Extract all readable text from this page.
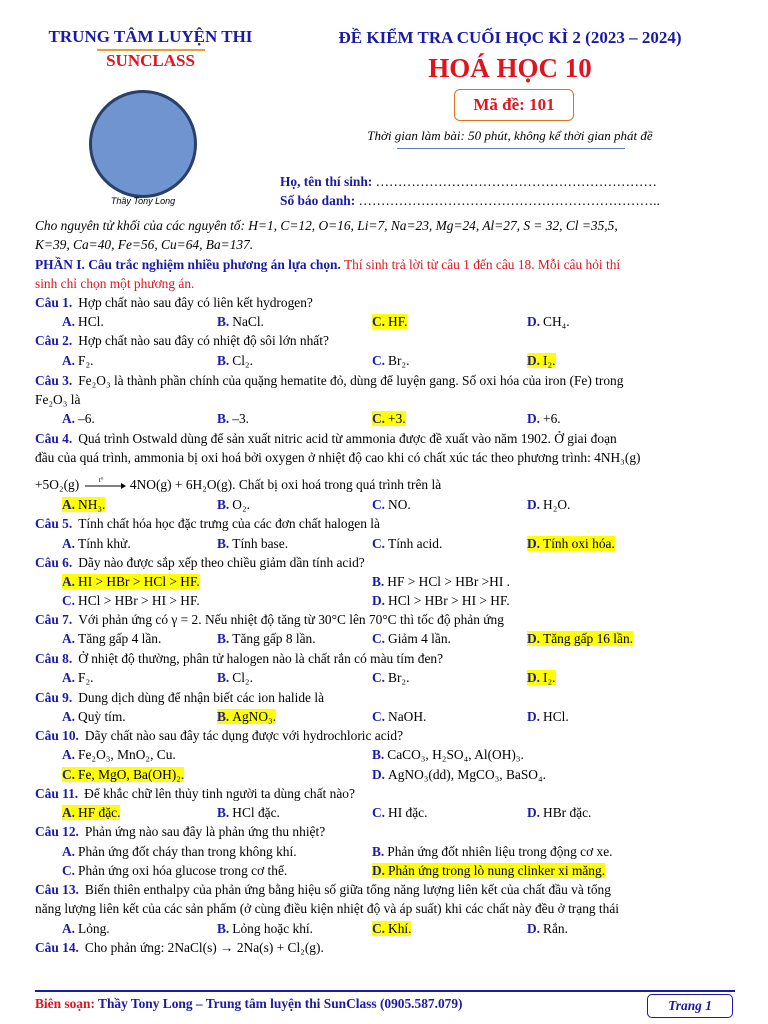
TRUNG TÂM LUYỆN THI
SUNCLASS
Thầy Tony Long
ĐỀ KIỂM TRA CUỐI HỌC KÌ 2 (2023 – 2024)
HOÁ HỌC 10
Mã đề: 101
Thời gian làm bài: 50 phút, không kể thời gian phát đề
Họ, tên thí sinh: ………………………………………………………
Số báo danh: …………………………………………………………..
Cho nguyên tử khối của các nguyên tố: H=1, C=12, O=16, Li=7, Na=23, Mg=24, Al=27, S = 32, Cl =35,5,
K=39, Ca=40, Fe=56, Cu=64, Ba=137.
PHẦN I. Câu trắc nghiệm nhiều phương án lựa chọn. Thí sinh trả lời từ câu 1 đến câu 18. Mỗi câu hỏi thí
sinh chỉ chọn một phương án.
Câu 1. Hợp chất nào sau đây có liên kết hydrogen?
A. HCl.	B. NaCl.	C. HF.	D. CH₄.
Câu 2. Hợp chất nào sau đây có nhiệt độ sôi lớn nhất?
A. F₂.	B. Cl₂.	C. Br₂.	D. I₂.
Câu 3. Fe₂O₃ là thành phần chính của quặng hematite đỏ, dùng để luyện gang. Số oxi hóa của iron (Fe) trong
Fe₂O₃ là
A. –6.	B. –3.	C. +3.	D. +6.
Câu 4. Quá trình Ostwald dùng để sản xuất nitric acid từ ammonia được đề xuất vào năm 1902. Ở giai đoạn
đầu của quá trình, ammonia bị oxi hoá bởi oxygen ở nhiệt độ cao khi có chất xúc tác theo phương trình: 4NH₃(g)
+5O₂(g)	t° 4NO(g) + 6H₂O(g). Chất bị oxi hoá trong quá trình trên là
A. NH₃.	B. O₂.	C. NO.	D. H₂O.
Câu 5. Tính chất hóa học đặc trưng của các đơn chất halogen là
A. Tính khử.	B. Tính base.	C. Tính acid.	D. Tính oxi hóa.
Câu 6. Dãy nào được sắp xếp theo chiều giảm dần tính acid?
A. HI > HBr > HCl > HF.	B. HF > HCl > HBr >HI .
C. HCl > HBr > HI > HF.	D. HCl > HBr > HI > HF.
Câu 7. Với phản ứng có γ = 2. Nếu nhiệt độ tăng từ 30°C lên 70°C thì tốc độ phản ứng
A. Tăng gấp 4 lần.	B. Tăng gấp 8 lần.	C. Giảm 4 lần.	D. Tăng gấp 16 lần.
Câu 8. Ở nhiệt độ thường, phân tử halogen nào là chất rắn có màu tím đen?
A. F₂.	B. Cl₂.	C. Br₂.	D. I₂.
Câu 9. Dung dịch dùng để nhận biết các ion halide là
A. Quỳ tím.	B. AgNO₃.	C. NaOH.	D. HCl.
Câu 10. Dãy chất nào sau đây tác dụng được với hydrochloric acid?
A. Fe₂O₃, MnO₂, Cu.	B. CaCO₃, H₂SO₄, Al(OH)₃.
C. Fe, MgO, Ba(OH)₂.	D. AgNO₃(dd), MgCO₃, BaSO₄.
Câu 11. Để khắc chữ lên thủy tinh người ta dùng chất nào?
A. HF đặc.	B. HCl đặc.	C. HI đặc.	D. HBr đặc.
Câu 12. Phản ứng nào sau đây là phản ứng thu nhiệt?
A. Phản ứng đốt cháy than trong không khí.	B. Phản ứng đốt nhiên liệu trong động cơ xe.
C. Phản ứng oxi hóa glucose trong cơ thể.	D. Phản ứng trong lò nung clinker xi măng.
Câu 13. Biến thiên enthalpy của phản ứng bằng hiệu số giữa tổng năng lượng liên kết của chất đầu và tổng
năng lượng liên kết của các sản phẩm (ở cùng điều kiện nhiệt độ và áp suất) khi các chất này đều ở trạng thái
A. Lỏng.	B. Lỏng hoặc khí.	C. Khí.	D. Rắn.
Câu 14. Cho phản ứng: 2NaCl(s) → 2Na(s) + Cl₂(g).
Biên soạn: Thầy Tony Long – Trung tâm luyện thi SunClass (0905.587.079)	Trang 1
